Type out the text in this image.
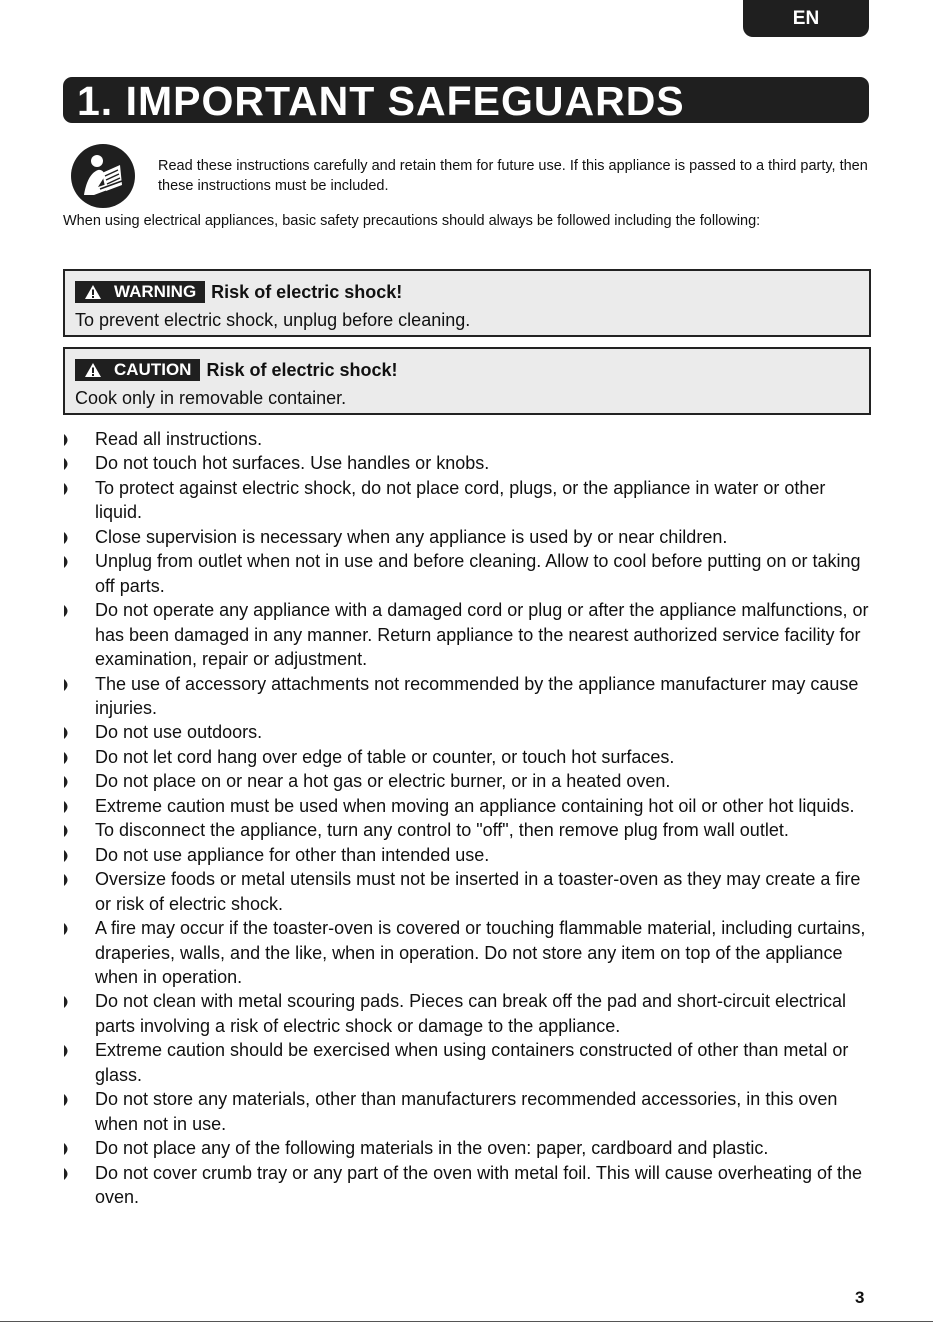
EN
1. IMPORTANT SAFEGUARDS
Read these instructions carefully and retain them for future use. If this appliance is passed to a third party, then these instructions must be included.
When using electrical appliances, basic safety precautions should always be followed including the following:
WARNING Risk of electric shock!
To prevent electric shock, unplug before cleaning.
CAUTION Risk of electric shock!
Cook only in removable container.
Read all instructions.
Do not touch hot surfaces. Use handles or knobs.
To protect against electric shock, do not place cord, plugs, or the appliance in water or other liquid.
Close supervision is necessary when any appliance is used by or near children.
Unplug from outlet when not in use and before cleaning. Allow to cool before putting on or taking off parts.
Do not operate any appliance with a damaged cord or plug or after the appliance malfunctions, or has been damaged in any manner. Return appliance to the nearest authorized service facility for examination, repair or adjustment.
The use of accessory attachments not recommended by the appliance manufacturer may cause injuries.
Do not use outdoors.
Do not let cord hang over edge of table or counter, or touch hot surfaces.
Do not place on or near a hot gas or electric burner, or in a heated oven.
Extreme caution must be used when moving an appliance containing hot oil or other hot liquids.
To disconnect the appliance, turn any control to "off", then remove plug from wall outlet.
Do not use appliance for other than intended use.
Oversize foods or metal utensils must not be inserted in a toaster-oven as they may create a fire or risk of electric shock.
A fire may occur if the toaster-oven is covered or touching flammable material, including curtains, draperies, walls, and the like, when in operation. Do not store any item on top of the appliance when in operation.
Do not clean with metal scouring pads. Pieces can break off the pad and short-circuit electrical parts involving a risk of electric shock or damage to the appliance.
Extreme caution should be exercised when using containers constructed of other than metal or glass.
Do not store any materials, other than manufacturers recommended accessories, in this oven when not in use.
Do not place any of the following materials in the oven: paper, cardboard and plastic.
Do not cover crumb tray or any part of the oven with metal foil. This will cause overheating of the oven.
3
